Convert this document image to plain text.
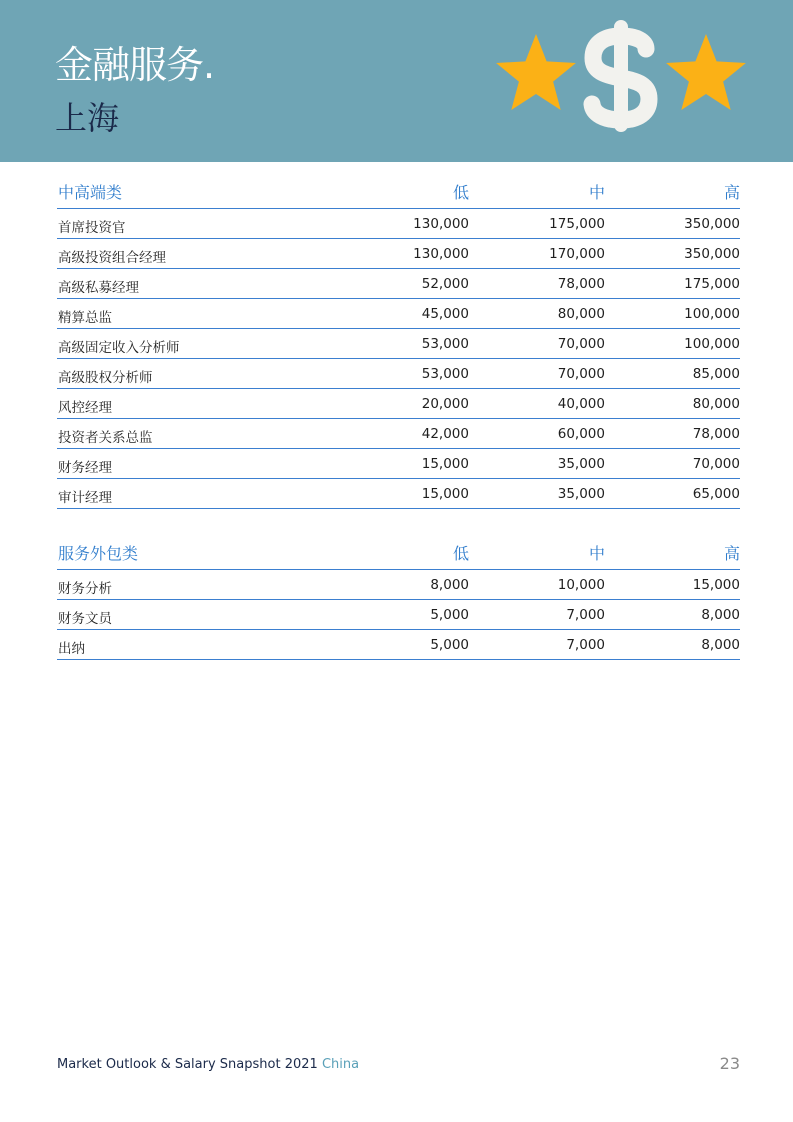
金融服务.
上海
中高端类	低	中	高
首席投资官	130,000	175,000	350,000
高级投资组合经理	130,000	170,000	350,000
高级私募经理	52,000	78,000	175,000
精算总监	45,000	80,000	100,000
高级固定收入分析师	53,000	70,000	100,000
高级股权分析师	53,000	70,000	85,000
风控经理	20,000	40,000	80,000
投资者关系总监	42,000	60,000	78,000
财务经理	15,000	35,000	70,000
审计经理	15,000	35,000	65,000
服务外包类	低	中	高
财务分析	8,000	10,000	15,000
财务文员	5,000	7,000	8,000
出纳	5,000	7,000	8,000
Market Outlook & Salary Snapshot 2021 China	23
